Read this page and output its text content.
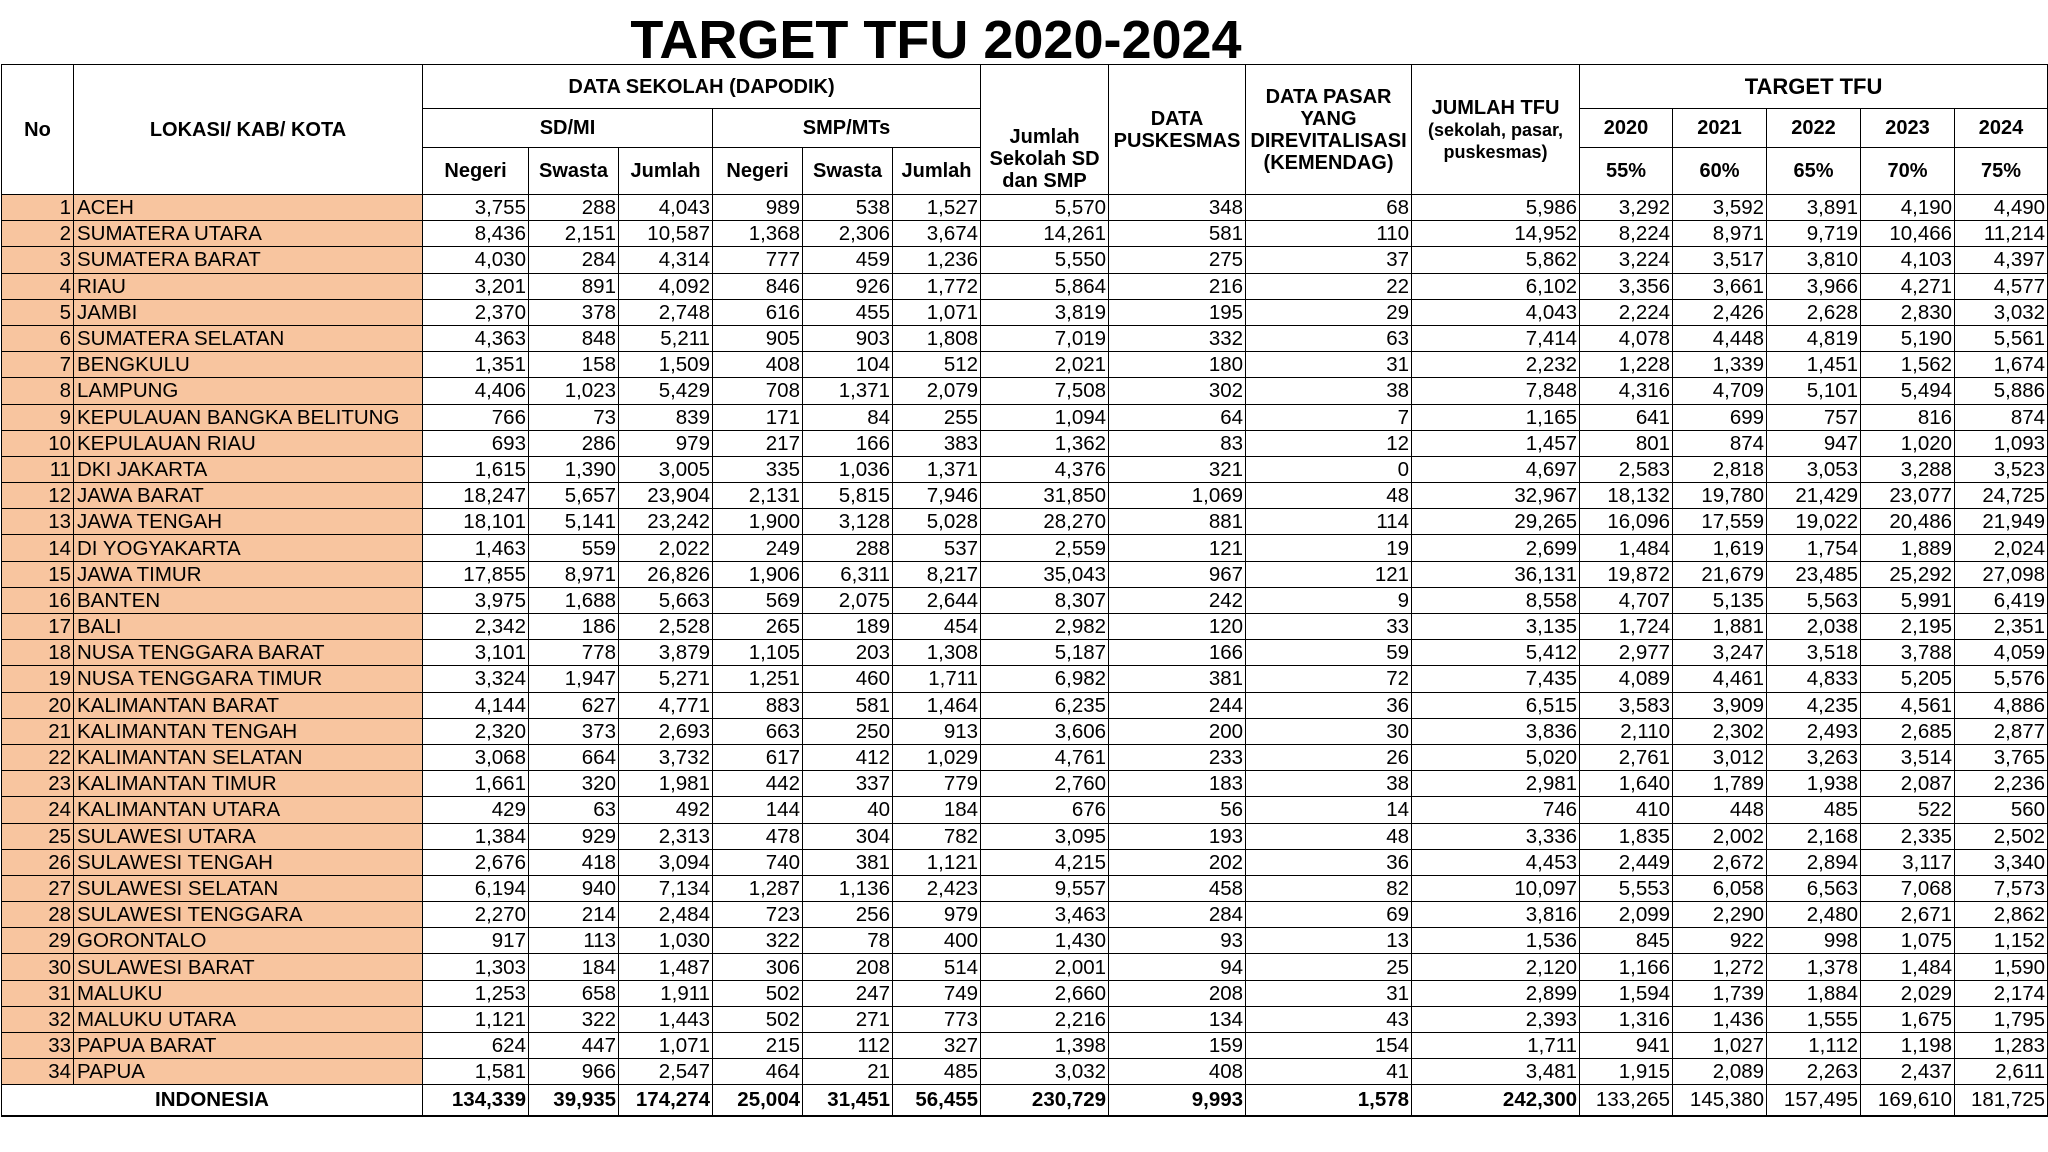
TARGET TFU 2020-2024
No	LOKASI/ KAB/ KOTA	DATA SEKOLAH (DAPODIK)						Jumlah Sekolah SD dan SMP	DATA PUSKESMAS	DATA PASAR YANG DIREVITALISASI (KEMENDAG)	JUMLAH TFU
(sekolah, pasar, puskesmas)	TARGET TFU				
		SD/MI			SMP/MTs							2020	2021	2022	2023	2024
		Negeri	Swasta	Jumlah	Negeri	Swasta	Jumlah					55%	60%	65%	70%	75%
1	ACEH	3,755	288	4,043	989	538	1,527	5,570	348	68	5,986	3,292	3,592	3,891	4,190	4,490
2	SUMATERA UTARA	8,436	2,151	10,587	1,368	2,306	3,674	14,261	581	110	14,952	8,224	8,971	9,719	10,466	11,214
3	SUMATERA BARAT	4,030	284	4,314	777	459	1,236	5,550	275	37	5,862	3,224	3,517	3,810	4,103	4,397
4	RIAU	3,201	891	4,092	846	926	1,772	5,864	216	22	6,102	3,356	3,661	3,966	4,271	4,577
5	JAMBI	2,370	378	2,748	616	455	1,071	3,819	195	29	4,043	2,224	2,426	2,628	2,830	3,032
6	SUMATERA SELATAN	4,363	848	5,211	905	903	1,808	7,019	332	63	7,414	4,078	4,448	4,819	5,190	5,561
7	BENGKULU	1,351	158	1,509	408	104	512	2,021	180	31	2,232	1,228	1,339	1,451	1,562	1,674
8	LAMPUNG	4,406	1,023	5,429	708	1,371	2,079	7,508	302	38	7,848	4,316	4,709	5,101	5,494	5,886
9	KEPULAUAN BANGKA BELITUNG	766	73	839	171	84	255	1,094	64	7	1,165	641	699	757	816	874
10	KEPULAUAN RIAU	693	286	979	217	166	383	1,362	83	12	1,457	801	874	947	1,020	1,093
11	DKI JAKARTA	1,615	1,390	3,005	335	1,036	1,371	4,376	321	0	4,697	2,583	2,818	3,053	3,288	3,523
12	JAWA BARAT	18,247	5,657	23,904	2,131	5,815	7,946	31,850	1,069	48	32,967	18,132	19,780	21,429	23,077	24,725
13	JAWA TENGAH	18,101	5,141	23,242	1,900	3,128	5,028	28,270	881	114	29,265	16,096	17,559	19,022	20,486	21,949
14	DI YOGYAKARTA	1,463	559	2,022	249	288	537	2,559	121	19	2,699	1,484	1,619	1,754	1,889	2,024
15	JAWA TIMUR	17,855	8,971	26,826	1,906	6,311	8,217	35,043	967	121	36,131	19,872	21,679	23,485	25,292	27,098
16	BANTEN	3,975	1,688	5,663	569	2,075	2,644	8,307	242	9	8,558	4,707	5,135	5,563	5,991	6,419
17	BALI	2,342	186	2,528	265	189	454	2,982	120	33	3,135	1,724	1,881	2,038	2,195	2,351
18	NUSA TENGGARA BARAT	3,101	778	3,879	1,105	203	1,308	5,187	166	59	5,412	2,977	3,247	3,518	3,788	4,059
19	NUSA TENGGARA TIMUR	3,324	1,947	5,271	1,251	460	1,711	6,982	381	72	7,435	4,089	4,461	4,833	5,205	5,576
20	KALIMANTAN BARAT	4,144	627	4,771	883	581	1,464	6,235	244	36	6,515	3,583	3,909	4,235	4,561	4,886
21	KALIMANTAN TENGAH	2,320	373	2,693	663	250	913	3,606	200	30	3,836	2,110	2,302	2,493	2,685	2,877
22	KALIMANTAN SELATAN	3,068	664	3,732	617	412	1,029	4,761	233	26	5,020	2,761	3,012	3,263	3,514	3,765
23	KALIMANTAN TIMUR	1,661	320	1,981	442	337	779	2,760	183	38	2,981	1,640	1,789	1,938	2,087	2,236
24	KALIMANTAN UTARA	429	63	492	144	40	184	676	56	14	746	410	448	485	522	560
25	SULAWESI UTARA	1,384	929	2,313	478	304	782	3,095	193	48	3,336	1,835	2,002	2,168	2,335	2,502
26	SULAWESI TENGAH	2,676	418	3,094	740	381	1,121	4,215	202	36	4,453	2,449	2,672	2,894	3,117	3,340
27	SULAWESI SELATAN	6,194	940	7,134	1,287	1,136	2,423	9,557	458	82	10,097	5,553	6,058	6,563	7,068	7,573
28	SULAWESI TENGGARA	2,270	214	2,484	723	256	979	3,463	284	69	3,816	2,099	2,290	2,480	2,671	2,862
29	GORONTALO	917	113	1,030	322	78	400	1,430	93	13	1,536	845	922	998	1,075	1,152
30	SULAWESI BARAT	1,303	184	1,487	306	208	514	2,001	94	25	2,120	1,166	1,272	1,378	1,484	1,590
31	MALUKU	1,253	658	1,911	502	247	749	2,660	208	31	2,899	1,594	1,739	1,884	2,029	2,174
32	MALUKU UTARA	1,121	322	1,443	502	271	773	2,216	134	43	2,393	1,316	1,436	1,555	1,675	1,795
33	PAPUA BARAT	624	447	1,071	215	112	327	1,398	159	154	1,711	941	1,027	1,112	1,198	1,283
34	PAPUA	1,581	966	2,547	464	21	485	3,032	408	41	3,481	1,915	2,089	2,263	2,437	2,611
INDONESIA		134,339	39,935	174,274	25,004	31,451	56,455	230,729	9,993	1,578	242,300	133,265	145,380	157,495	169,610	181,725
